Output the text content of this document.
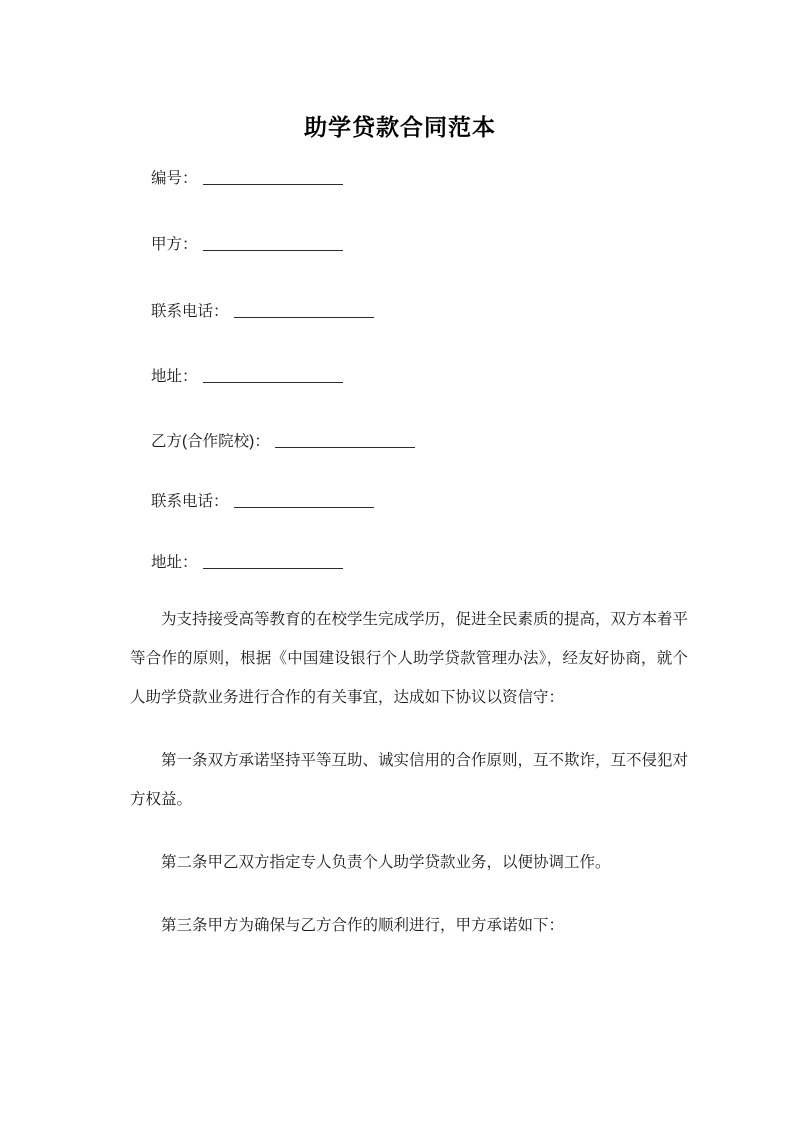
助学贷款合同范本
编号：
甲方：
联系电话：
地址：
乙方(合作院校)：
联系电话：
地址：

为支持接受高等教育的在校学生完成学历，促进全民素质的提高，双方本着平等合作的原则，根据《中国建设银行个人助学贷款管理办法》，经友好协商，就个人助学贷款业务进行合作的有关事宜，达成如下协议以资信守：

第一条双方承诺坚持平等互助、诚实信用的合作原则，互不欺诈，互不侵犯对方权益。

第二条甲乙双方指定专人负责个人助学贷款业务，以便协调工作。

第三条甲方为确保与乙方合作的顺利进行，甲方承诺如下：
